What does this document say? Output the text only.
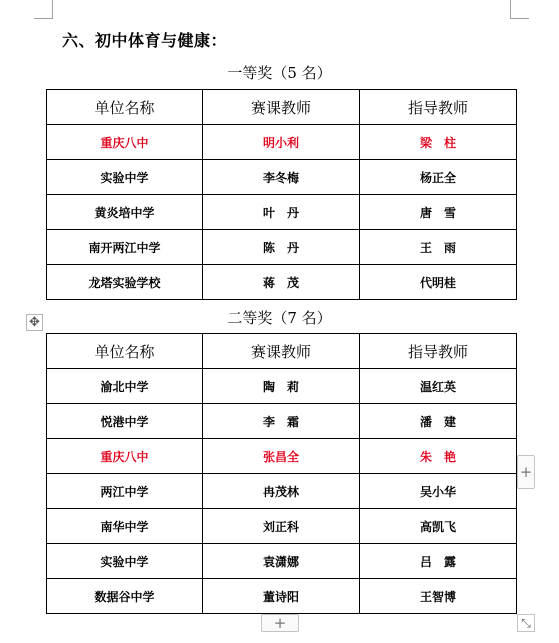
六、初中体育与健康：
一等奖（5 名）
单位名称	赛课教师	指导教师
重庆八中	明小利	梁　柱
实验中学	李冬梅	杨正全
黄炎培中学	叶　丹	唐　雪
南开两江中学	陈　丹	王　雨
龙塔实验学校	蒋　茂	代明桂
✥	二等奖（7 名）
单位名称	赛课教师	指导教师
渝北中学	陶　莉	温红英
悦港中学	李　霜	潘　建
重庆八中	张昌全	朱　艳
两江中学	冉茂林	吴小华
南华中学	刘正科	高凯飞
实验中学	袁潇娜	吕　露
数据谷中学	董诗阳	王智博
+
+	⤡
